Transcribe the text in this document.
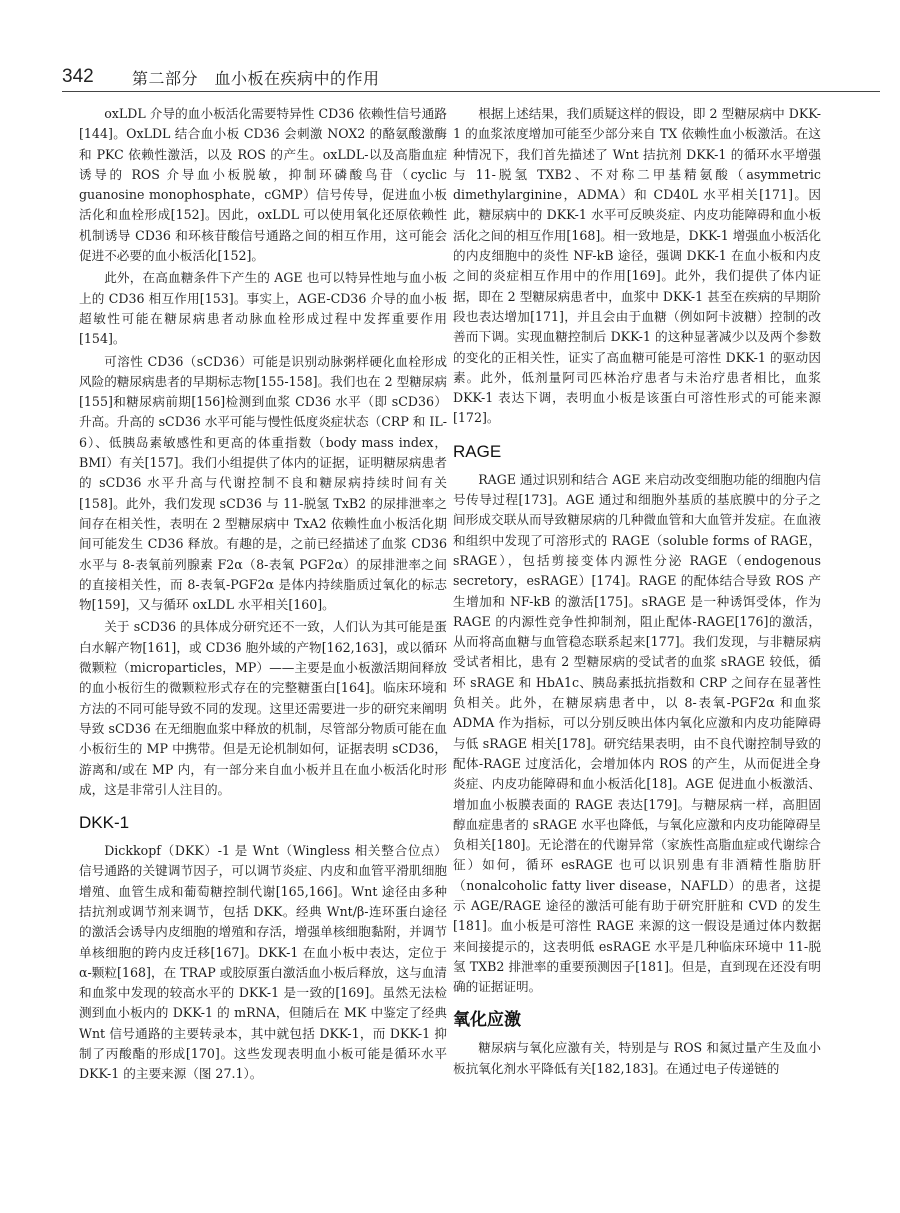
342 第二部分　血小板在疾病中的作用

oxLDL 介导的血小板活化需要特异性 CD36 依赖性信号通路[144]。OxLDL 结合血小板 CD36 会刺激 NOX2 的酪氨酸激酶和 PKC 依赖性激活，以及 ROS 的产生。oxLDL-以及高脂血症诱导的 ROS 介导血小板脱敏，抑制环磷酸鸟苷（cyclic guanosine monophosphate，cGMP）信号传导，促进血小板活化和血栓形成[152]。因此，oxLDL 可以使用氧化还原依赖性机制诱导 CD36 和环核苷酸信号通路之间的相互作用，这可能会促进不必要的血小板活化[152]。

此外，在高血糖条件下产生的 AGE 也可以特异性地与血小板上的 CD36 相互作用[153]。事实上，AGE-CD36 介导的血小板超敏性可能在糖尿病患者动脉血栓形成过程中发挥重要作用[154]。

可溶性 CD36（sCD36）可能是识别动脉粥样硬化血栓形成风险的糖尿病患者的早期标志物[155-158]。我们也在 2 型糖尿病[155]和糖尿病前期[156]检测到血浆 CD36 水平（即 sCD36）升高。升高的 sCD36 水平可能与慢性低度炎症状态（CRP 和 IL-6）、低胰岛素敏感性和更高的体重指数（body mass index，BMI）有关[157]。我们小组提供了体内的证据，证明糖尿病患者的 sCD36 水平升高与代谢控制不良和糖尿病持续时间有关[158]。此外，我们发现 sCD36 与 11-脱氢 TxB2 的尿排泄率之间存在相关性，表明在 2 型糖尿病中 TxA2 依赖性血小板活化期间可能发生 CD36 释放。有趣的是，之前已经描述了血浆 CD36 水平与 8-表氧前列腺素 F2α（8-表氧 PGF2α）的尿排泄率之间的直接相关性，而 8-表氧-PGF2α 是体内持续脂质过氧化的标志物[159]，又与循环 oxLDL 水平相关[160]。

关于 sCD36 的具体成分研究还不一致，人们认为其可能是蛋白水解产物[161]，或 CD36 胞外域的产物[162,163]，或以循环微颗粒（microparticles，MP）——主要是血小板激活期间释放的血小板衍生的微颗粒形式存在的完整糖蛋白[164]。临床环境和方法的不同可能导致不同的发现。这里还需要进一步的研究来阐明导致 sCD36 在无细胞血浆中释放的机制，尽管部分物质可能在血小板衍生的 MP 中携带。但是无论机制如何，证据表明 sCD36，游离和/或在 MP 内，有一部分来自血小板并且在血小板活化时形成，这是非常引人注目的。

DKK-1

Dickkopf（DKK）-1 是 Wnt（Wingless 相关整合位点）信号通路的关键调节因子，可以调节炎症、内皮和血管平滑肌细胞增殖、血管生成和葡萄糖控制代谢[165,166]。Wnt 途径由多种拮抗剂或调节剂来调节，包括 DKK。经典 Wnt/β-连环蛋白途径的激活会诱导内皮细胞的增殖和存活，增强单核细胞黏附，并调节单核细胞的跨内皮迁移[167]。DKK-1 在血小板中表达，定位于 α-颗粒[168]，在 TRAP 或胶原蛋白激活血小板后释放，这与血清和血浆中发现的较高水平的 DKK-1 是一致的[169]。虽然无法检测到血小板内的 DKK-1 的 mRNA，但随后在 MK 中鉴定了经典 Wnt 信号通路的主要转录本，其中就包括 DKK-1，而 DKK-1 抑制了丙酸酯的形成[170]。这些发现表明血小板可能是循环水平 DKK-1 的主要来源（图 27.1）。

根据上述结果，我们质疑这样的假设，即 2 型糖尿病中 DKK-1 的血浆浓度增加可能至少部分来自 TX 依赖性血小板激活。在这种情况下，我们首先描述了 Wnt 拮抗剂 DKK-1 的循环水平增强与 11-脱氢 TXB2、不对称二甲基精氨酸（asymmetric dimethylarginine，ADMA）和 CD40L 水平相关[171]。因此，糖尿病中的 DKK-1 水平可反映炎症、内皮功能障碍和血小板活化之间的相互作用[168]。相一致地是，DKK-1 增强血小板活化的内皮细胞中的炎性 NF-kB 途径，强调 DKK-1 在血小板和内皮之间的炎症相互作用中的作用[169]。此外，我们提供了体内证据，即在 2 型糖尿病患者中，血浆中 DKK-1 甚至在疾病的早期阶段也表达增加[171]，并且会由于血糖（例如阿卡波糖）控制的改善而下调。实现血糖控制后 DKK-1 的这种显著减少以及两个参数的变化的正相关性，证实了高血糖可能是可溶性 DKK-1 的驱动因素。此外，低剂量阿司匹林治疗患者与未治疗患者相比，血浆 DKK-1 表达下调，表明血小板是该蛋白可溶性形式的可能来源[172]。

RAGE

RAGE 通过识别和结合 AGE 来启动改变细胞功能的细胞内信号传导过程[173]。AGE 通过和细胞外基质的基底膜中的分子之间形成交联从而导致糖尿病的几种微血管和大血管并发症。在血液和组织中发现了可溶形式的 RAGE（soluble forms of RAGE，sRAGE），包括剪接变体内源性分泌 RAGE（endogenous secretory，esRAGE）[174]。RAGE 的配体结合导致 ROS 产生增加和 NF-kB 的激活[175]。sRAGE 是一种诱饵受体，作为 RAGE 的内源性竞争性抑制剂，阻止配体-RAGE[176]的激活，从而将高血糖与血管稳态联系起来[177]。我们发现，与非糖尿病受试者相比，患有 2 型糖尿病的受试者的血浆 sRAGE 较低，循环 sRAGE 和 HbA1c、胰岛素抵抗指数和 CRP 之间存在显著性负相关。此外，在糖尿病患者中，以 8-表氧-PGF2α 和血浆 ADMA 作为指标，可以分别反映出体内氧化应激和内皮功能障碍与低 sRAGE 相关[178]。研究结果表明，由不良代谢控制导致的配体-RAGE 过度活化，会增加体内 ROS 的产生，从而促进全身炎症、内皮功能障碍和血小板活化[18]。AGE 促进血小板激活、增加血小板膜表面的 RAGE 表达[179]。与糖尿病一样，高胆固醇血症患者的 sRAGE 水平也降低，与氧化应激和内皮功能障碍呈负相关[180]。无论潜在的代谢异常（家族性高脂血症或代谢综合征）如何，循环 esRAGE 也可以识别患有非酒精性脂肪肝（nonalcoholic fatty liver disease，NAFLD）的患者，这提示 AGE/RAGE 途径的激活可能有助于研究肝脏和 CVD 的发生[181]。血小板是可溶性 RAGE 来源的这一假设是通过体内数据来间接提示的，这表明低 esRAGE 水平是几种临床环境中 11-脱氢 TXB2 排泄率的重要预测因子[181]。但是，直到现在还没有明确的证据证明。

氧化应激

糖尿病与氧化应激有关，特别是与 ROS 和氮过量产生及血小板抗氧化剂水平降低有关[182,183]。在通过电子传递链的
